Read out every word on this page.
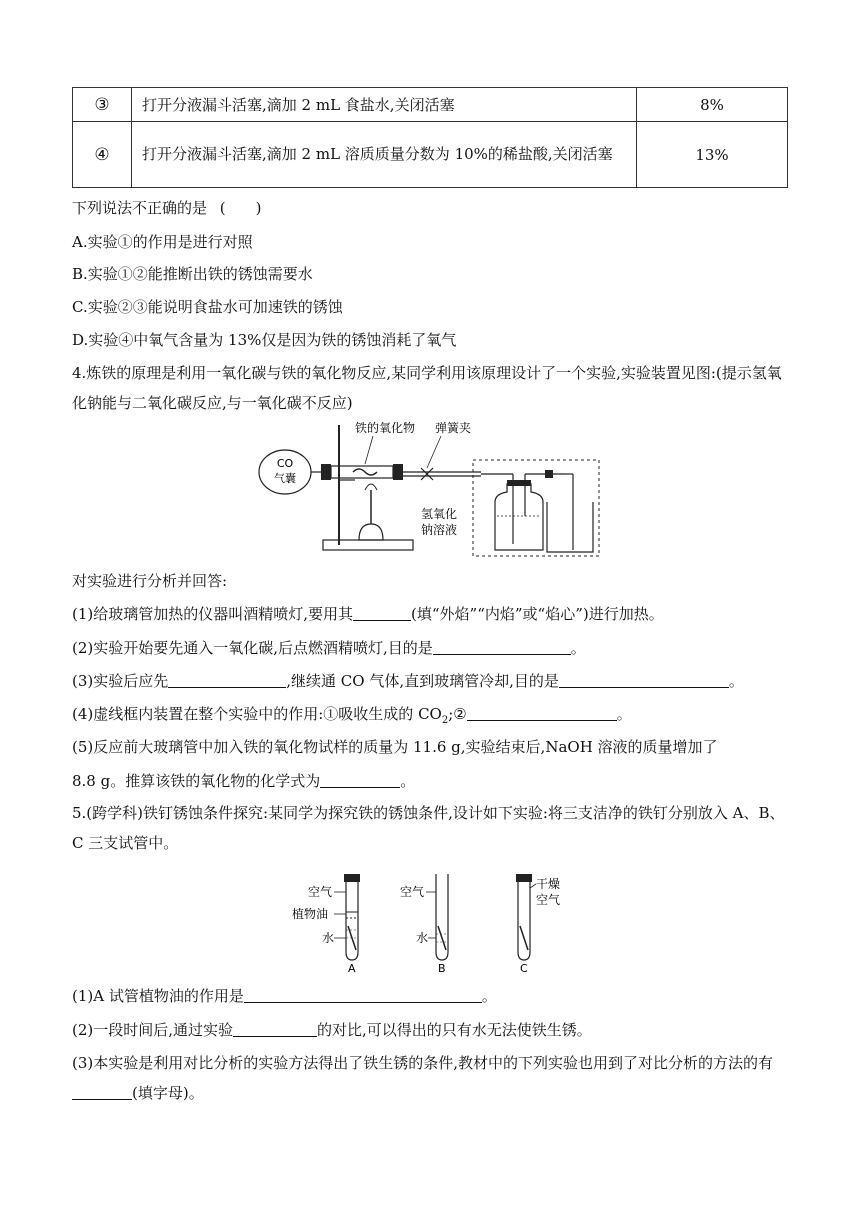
③	打开分液漏斗活塞,滴加 2 mL 食盐水,关闭活塞	8%
④	打开分液漏斗活塞,滴加 2 mL 溶质质量分数为 10%的稀盐酸,关闭活塞	13%
下列说法不正确的是 (　　)
A.实验①的作用是进行对照
B.实验①②能推断出铁的锈蚀需要水
C.实验②③能说明食盐水可加速铁的锈蚀
D.实验④中氧气含量为 13%仅是因为铁的锈蚀消耗了氧气
4.炼铁的原理是利用一氧化碳与铁的氧化物反应,某同学利用该原理设计了一个实验,实验装置见图:(提示氢氧化钠能与二氧化碳反应,与一氧化碳不反应)
CO
气囊
铁的氧化物 弹簧夹
氢氧化
钠溶液
对实验进行分析并回答:
(1)给玻璃管加热的仪器叫酒精喷灯,要用其	(填“外焰”“内焰”或“焰心”)进行加热。
(2)实验开始要先通入一氧化碳,后点燃酒精喷灯,目的是	。
(3)实验后应先	,继续通 CO 气体,直到玻璃管冷却,目的是	。
(4)虚线框内装置在整个实验中的作用:①吸收生成的 $CO_2;②$	。
(5)反应前大玻璃管中加入铁的氧化物试样的质量为 11.6 g,实验结束后,NaOH 溶液的质量增加了
8.8 g。推算该铁的氧化物的化学式为	。
5.(跨学科)铁钉锈蚀条件探究:某同学为探究铁的锈蚀条件,设计如下实验:将三支洁净的铁钉分别放入 A、B、C 三支试管中。
空气
植物油
水
A
空气
水
B
干燥
空气
C
(1)A 试管植物油的作用是	。
(2)一段时间后,通过实验	的对比,可以得出的只有水无法使铁生锈。
(3)本实验是利用对比分析的实验方法得出了铁生锈的条件,教材中的下列实验也用到了对比分析的方法的有(填字母)。
